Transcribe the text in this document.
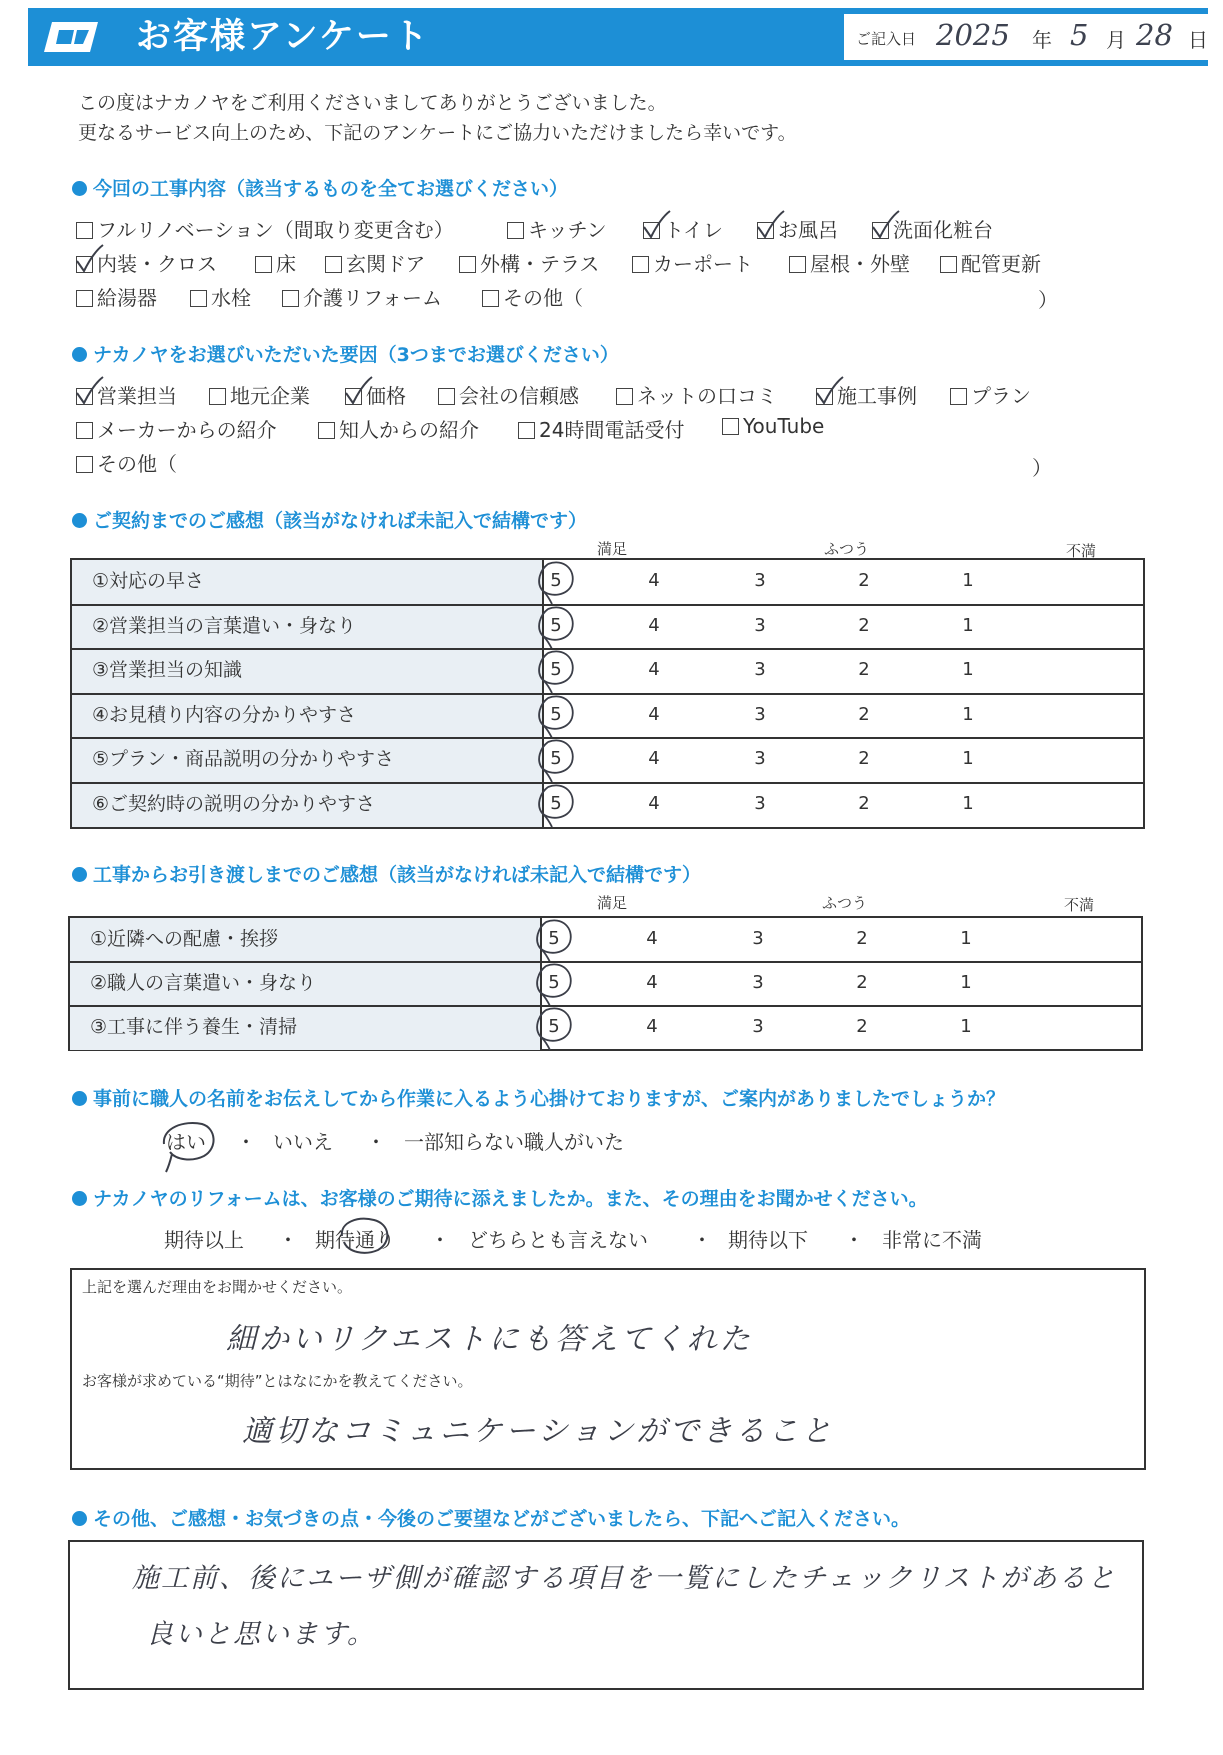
お客様アンケート	ご記入日 2025 年 5 月 28 日
この度はナカノヤをご利用くださいましてありがとうございました。
更なるサービス向上のため、下記のアンケートにご協力いただけましたら幸いです。
今回の工事内容（該当するものを全てお選びください）
フルリノベーション（間取り変更含む）	キッチン	トイレ	お風呂	洗面化粧台
内装・クロス	床	玄関ドア	外構・テラス	カーポート	屋根・外壁	配管更新
給湯器	水栓	介護リフォーム	その他（	）
ナカノヤをお選びいただいた要因（3つまでお選びください）
営業担当	地元企業	価格	会社の信頼感	ネットの口コミ	施工事例	プラン
メーカーからの紹介	知人からの紹介	24時間電話受付	YouTube
その他（	）
ご契約までのご感想（該当がなければ未記入で結構です）
満足	ふつう	不満
①対応の早さ	5	4	3	2	1
②営業担当の言葉遣い・身なり	5	4	3	2	1
③営業担当の知識	5	4	3	2	1
④お見積り内容の分かりやすさ	5	4	3	2	1
⑤プラン・商品説明の分かりやすさ	5	4	3	2	1
⑥ご契約時の説明の分かりやすさ	5	4	3	2	1
工事からお引き渡しまでのご感想（該当がなければ未記入で結構です）
満足	ふつう	不満
①近隣への配慮・挨拶	5	4	3	2	1
②職人の言葉遣い・身なり	5	4	3	2	1
③工事に伴う養生・清掃	5	4	3	2	1
事前に職人の名前をお伝えしてから作業に入るよう心掛けておりますが、ご案内がありましたでしょうか？
はい ・ いいえ ・ 一部知らない職人がいた
ナカノヤのリフォームは、お客様のご期待に添えましたか。また、その理由をお聞かせください。
期待以上 ・ 期待通り ・ どちらとも言えない ・ 期待以下 ・ 非常に不満
上記を選んだ理由をお聞かせください。
細かいリクエストにも答えてくれた
お客様が求めている“期待”とはなにかを教えてください。
適切なコミュニケーションができること
その他、ご感想・お気づきの点・今後のご要望などがございましたら、下記へご記入ください。
施工前、後にユーザ側が確認する項目を一覧にしたチェックリストがあると
良いと思います。
